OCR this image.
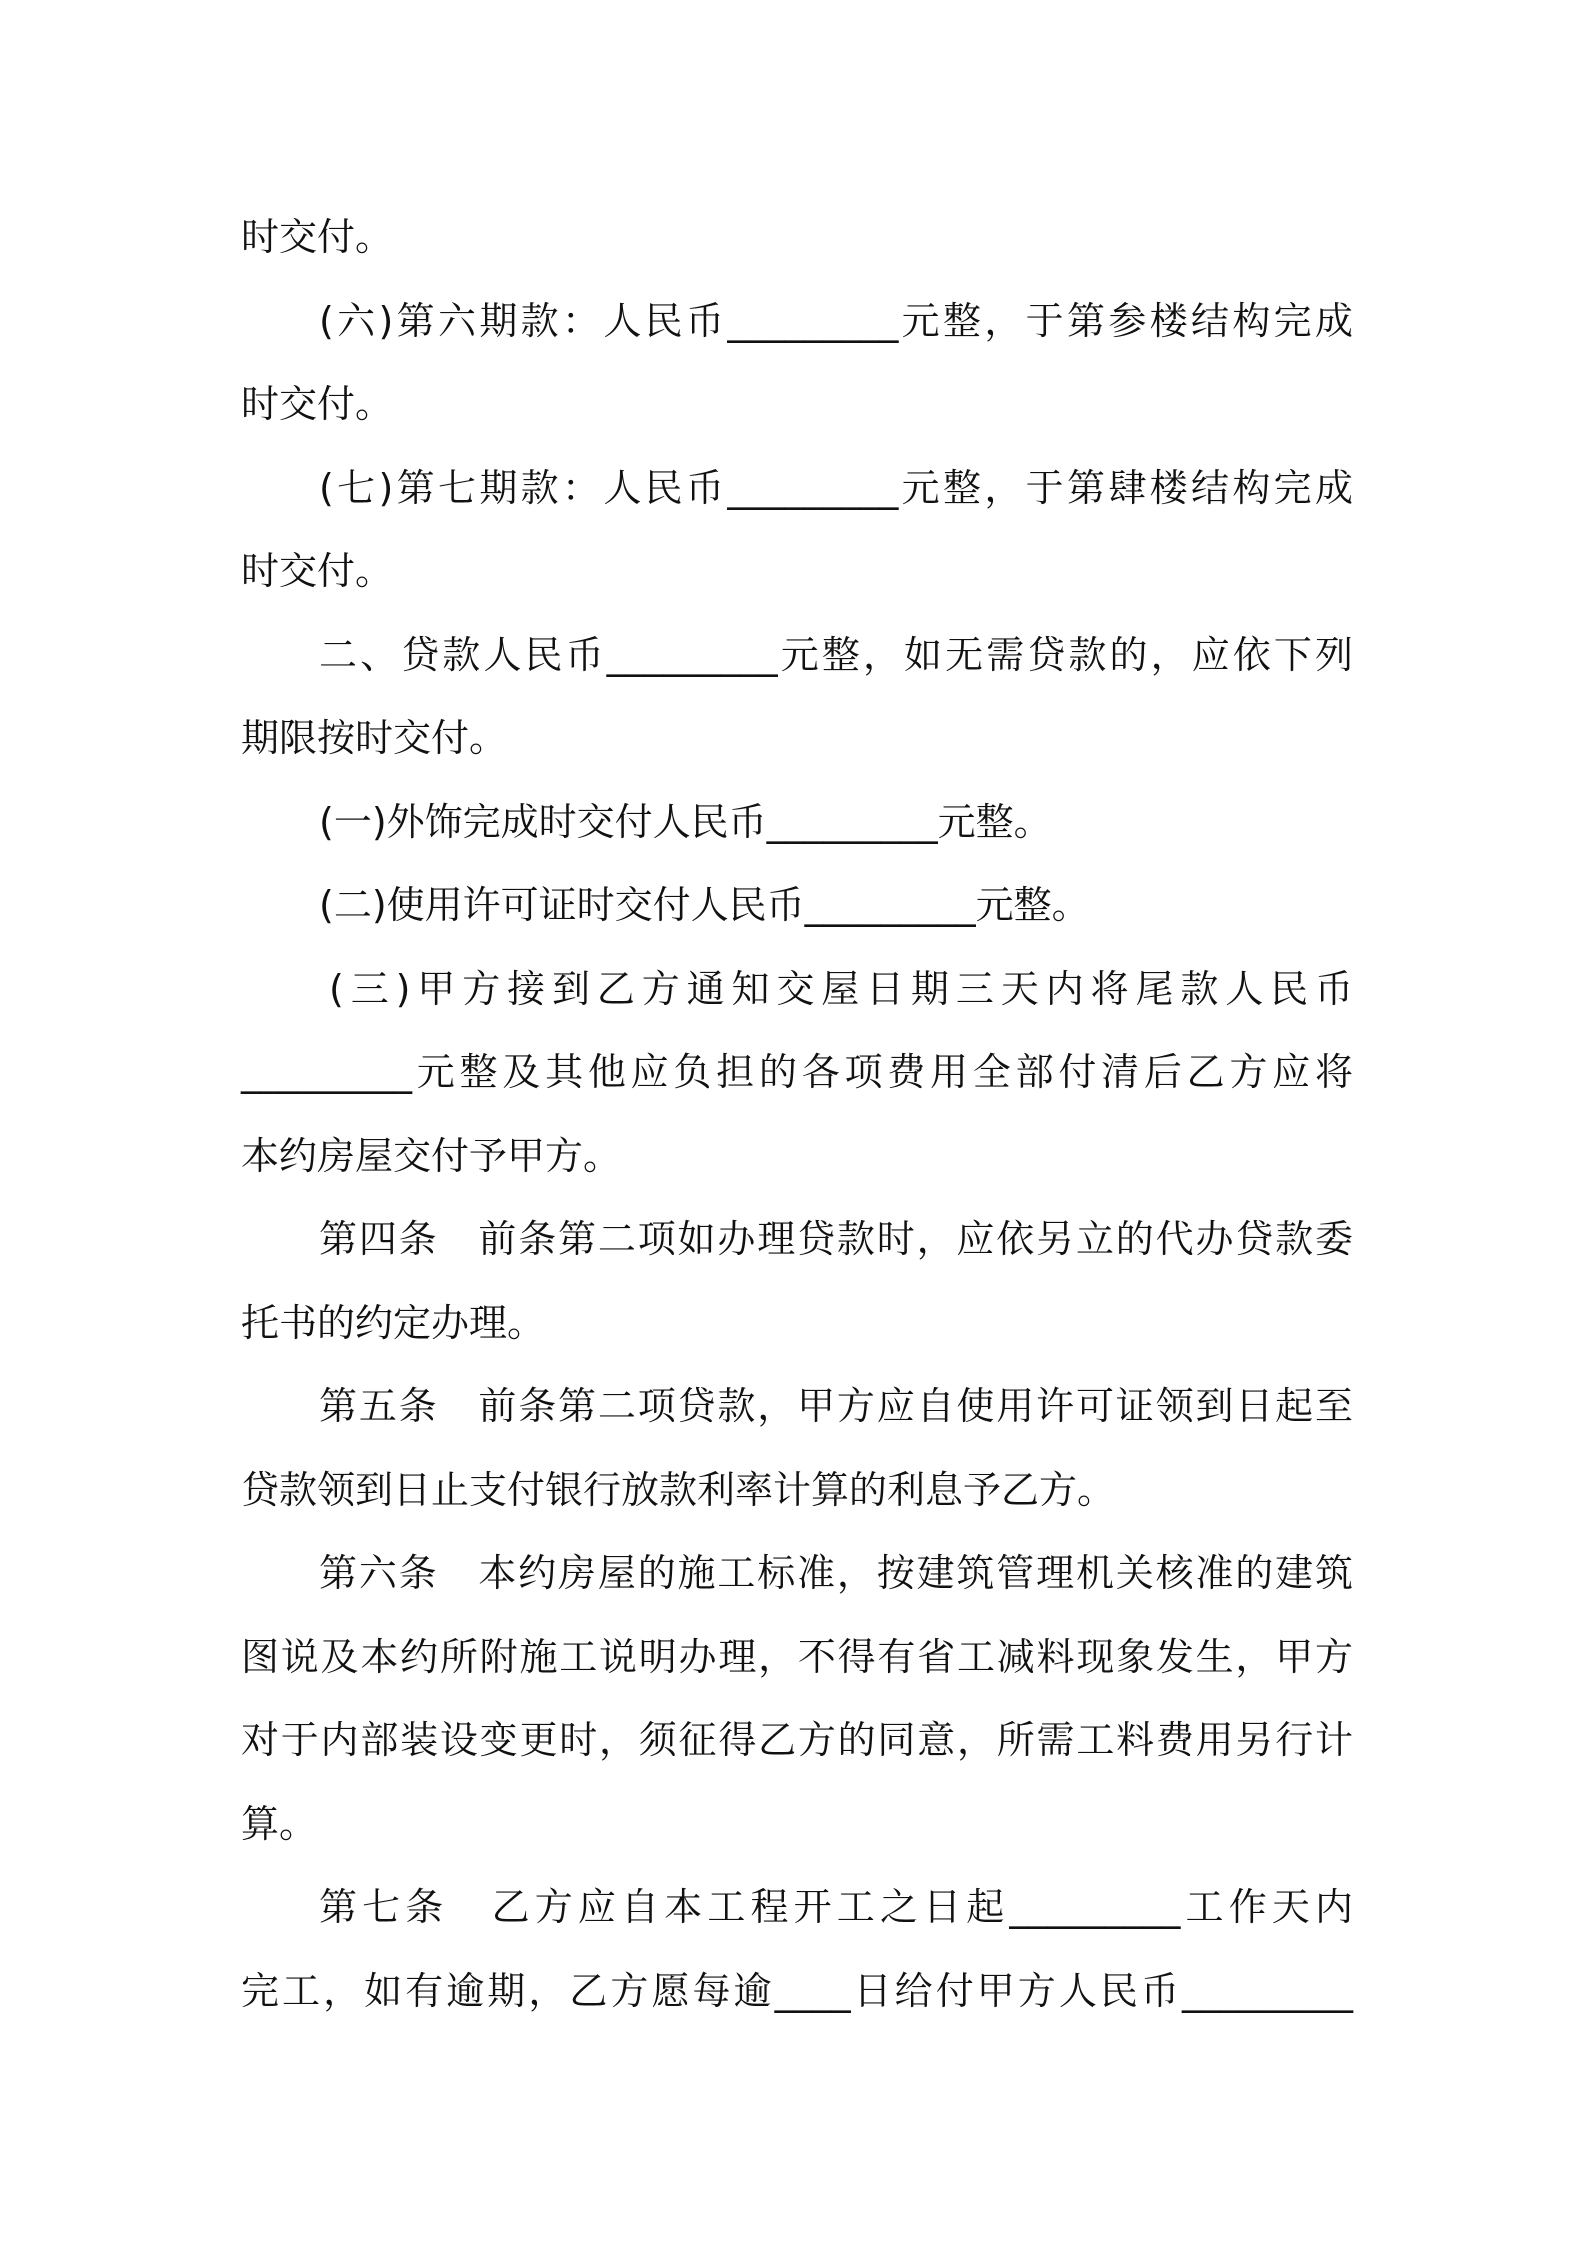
时交付。
(六)第六期款：人民币_________元整，于第参楼结构完成
时交付。
(七)第七期款：人民币_________元整，于第肆楼结构完成
时交付。
二、贷款人民币_________元整，如无需贷款的，应依下列
期限按时交付。
(一)外饰完成时交付人民币_________元整。
(二)使用许可证时交付人民币_________元整。
(三)甲方接到乙方通知交屋日期三天内将尾款人民币
_________元整及其他应负担的各项费用全部付清后乙方应将
本约房屋交付予甲方。
第四条　前条第二项如办理贷款时，应依另立的代办贷款委
托书的约定办理。
第五条　前条第二项贷款，甲方应自使用许可证领到日起至
贷款领到日止支付银行放款利率计算的利息予乙方。
第六条　本约房屋的施工标准，按建筑管理机关核准的建筑
图说及本约所附施工说明办理，不得有省工减料现象发生，甲方
对于内部装设变更时，须征得乙方的同意，所需工料费用另行计
算。
第七条　乙方应自本工程开工之日起_________工作天内
完工，如有逾期，乙方愿每逾____日给付甲方人民币_________
